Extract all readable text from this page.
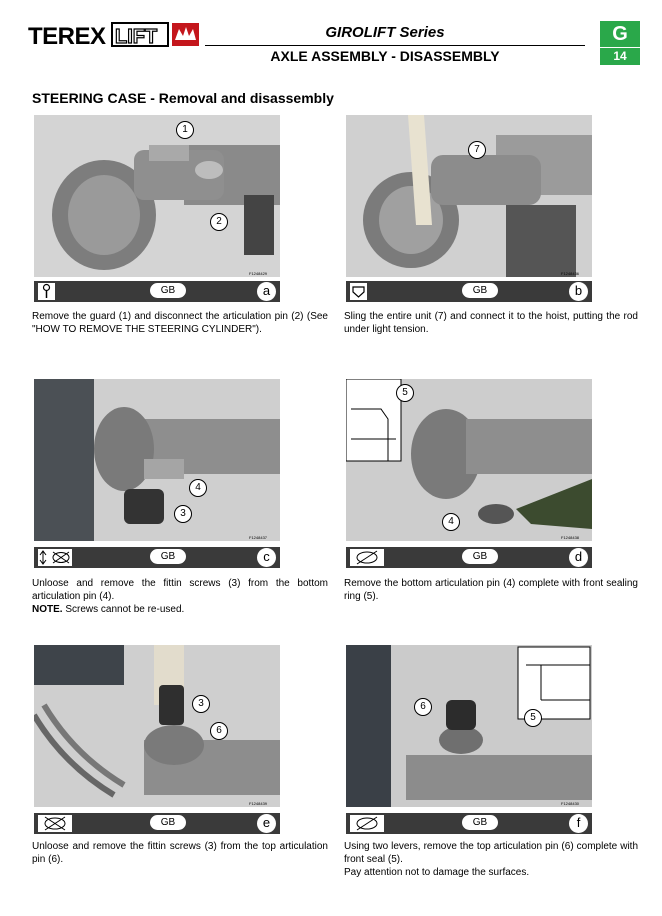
TEREX LIFT	GIROLIFT Series
AXLE ASSEMBLY - DISASSEMBLY
G
14
STEERING CASE - Removal and disassembly
F1248429
1
2
GB	a
Remove the guard (1) and disconnect the articulation pin (2) (See "HOW TO REMOVE THE STEERING CYLINDER").
F1248436
7
GB	b
Sling the entire unit (7) and connect it to the hoist, putting the rod under light tension.
F1248437
4
3
GB	c
Unloose and remove the fittin screws (3) from the bottom articulation pin (4).
NOTE. Screws cannot be re-used.
F1248438
5
4
GB	d
Remove the bottom articulation pin (4) complete with front sealing ring (5).
F1248439
3
6
GB	e
Unloose and remove the fittin screws (3) from the top articulation pin (6).
F1248430
6
5
GB	f
Using two levers, remove the top articulation pin (6) complete with front seal (5).
Pay attention not to damage the surfaces.
